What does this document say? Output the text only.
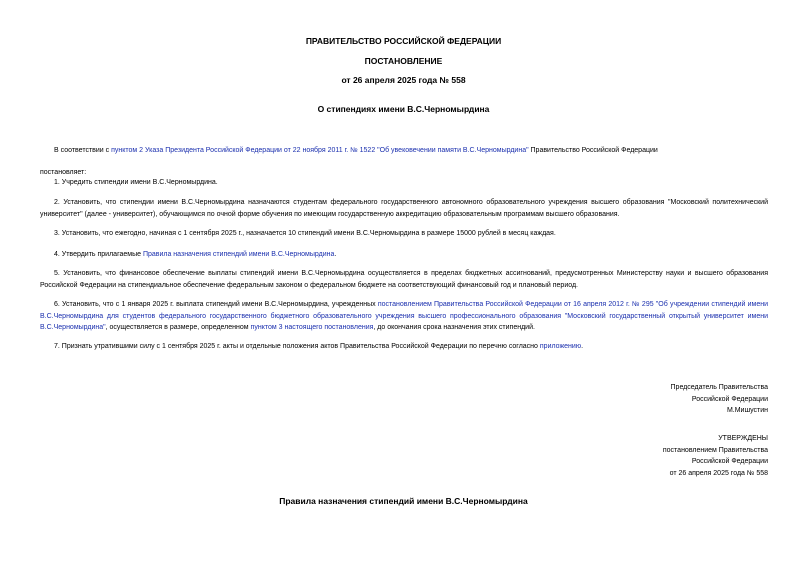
ПРАВИТЕЛЬСТВО РОССИЙСКОЙ ФЕДЕРАЦИИ
ПОСТАНОВЛЕНИЕ
от 26 апреля 2025 года № 558
О стипендиях имени В.С.Черномырдина
В соответствии с пунктом 2 Указа Президента Российской Федерации от 22 ноября 2011 г. № 1522 "Об увековечении памяти В.С.Черномырдина" Правительство Российской Федерации
постановляет:
1. Учредить стипендии имени В.С.Черномырдина.
2. Установить, что стипендии имени В.С.Черномырдина назначаются студентам федерального государственного автономного образовательного учреждения высшего образования "Московский политехнический университет" (далее - университет), обучающимся по очной форме обучения по имеющим государственную аккредитацию образовательным программам высшего образования.
3. Установить, что ежегодно, начиная с 1 сентября 2025 г., назначается 10 стипендий имени В.С.Черномырдина в размере 15000 рублей в месяц каждая.
4. Утвердить прилагаемые Правила назначения стипендий имени В.С.Черномырдина.
5. Установить, что финансовое обеспечение выплаты стипендий имени В.С.Черномырдина осуществляется в пределах бюджетных ассигнований, предусмотренных Министерству науки и высшего образования Российской Федерации на стипендиальное обеспечение федеральным законом о федеральном бюджете на соответствующий финансовый год и плановый период.
6. Установить, что с 1 января 2025 г. выплата стипендий имени В.С.Черномырдина, учрежденных постановлением Правительства Российской Федерации от 16 апреля 2012 г. № 295 "Об учреждении стипендий имени В.С.Черномырдина для студентов федерального государственного бюджетного образовательного учреждения высшего профессионального образования "Московский государственный открытый университет имени В.С.Черномырдина", осуществляется в размере, определенном пунктом 3 настоящего постановления, до окончания срока назначения этих стипендий.
7. Признать утратившими силу с 1 сентября 2025 г. акты и отдельные положения актов Правительства Российской Федерации по перечню согласно приложению.
Председатель Правительства
Российской Федерации
М.Мишустин
УТВЕРЖДЕНЫ
постановлением Правительства
Российской Федерации
от 26 апреля 2025 года № 558
Правила назначения стипендий имени В.С.Черномырдина
